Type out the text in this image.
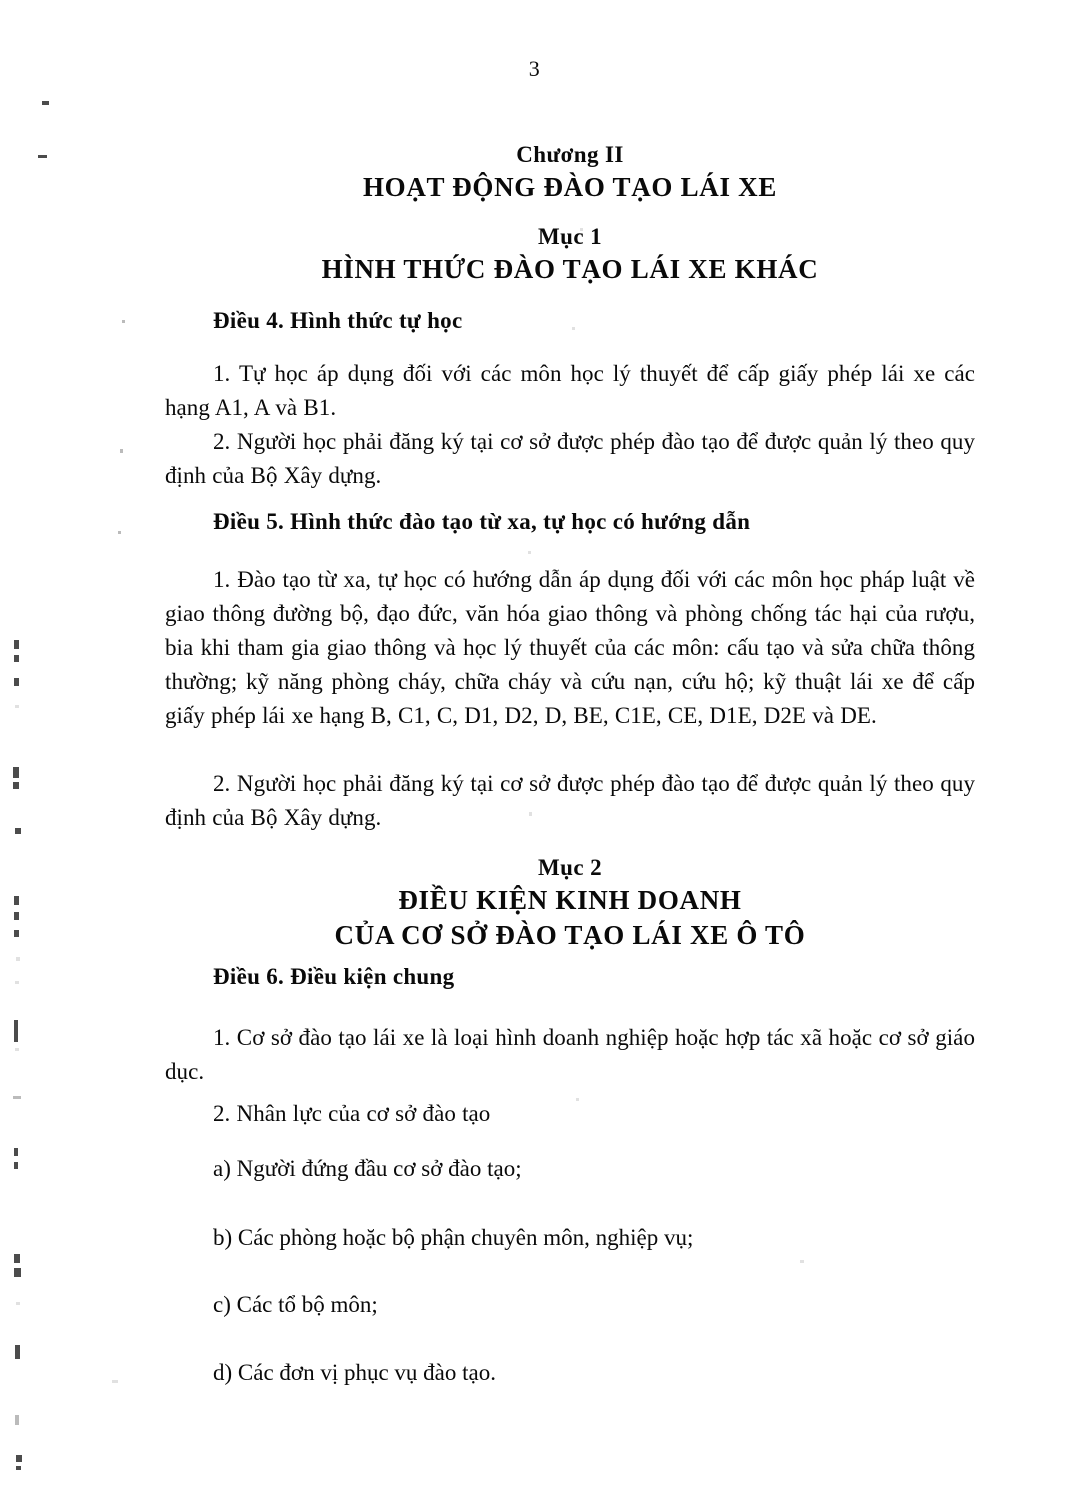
3
Chương II
HOẠT ĐỘNG ĐÀO TẠO LÁI XE
Mục 1
HÌNH THỨC ĐÀO TẠO LÁI XE KHÁC
Điều 4. Hình thức tự học
1. Tự học áp dụng đối với các môn học lý thuyết để cấp giấy phép lái xe các hạng A1, A và B1.
2. Người học phải đăng ký tại cơ sở được phép đào tạo để được quản lý theo quy định của Bộ Xây dựng.
Điều 5. Hình thức đào tạo từ xa, tự học có hướng dẫn
1. Đào tạo từ xa, tự học có hướng dẫn áp dụng đối với các môn học pháp luật về giao thông đường bộ, đạo đức, văn hóa giao thông và phòng chống tác hại của rượu, bia khi tham gia giao thông và học lý thuyết của các môn: cấu tạo và sửa chữa thông thường; kỹ năng phòng cháy, chữa cháy và cứu nạn, cứu hộ; kỹ thuật lái xe để cấp giấy phép lái xe hạng B, C1, C, D1, D2, D, BE, C1E, CE, D1E, D2E và DE.
2. Người học phải đăng ký tại cơ sở được phép đào tạo để được quản lý theo quy định của Bộ Xây dựng.
Mục 2
ĐIỀU KIỆN KINH DOANH
CỦA CƠ SỞ ĐÀO TẠO LÁI XE Ô TÔ
Điều 6. Điều kiện chung
1. Cơ sở đào tạo lái xe là loại hình doanh nghiệp hoặc hợp tác xã hoặc cơ sở giáo dục.
2. Nhân lực của cơ sở đào tạo
a) Người đứng đầu cơ sở đào tạo;
b) Các phòng hoặc bộ phận chuyên môn, nghiệp vụ;
c) Các tổ bộ môn;
d) Các đơn vị phục vụ đào tạo.
